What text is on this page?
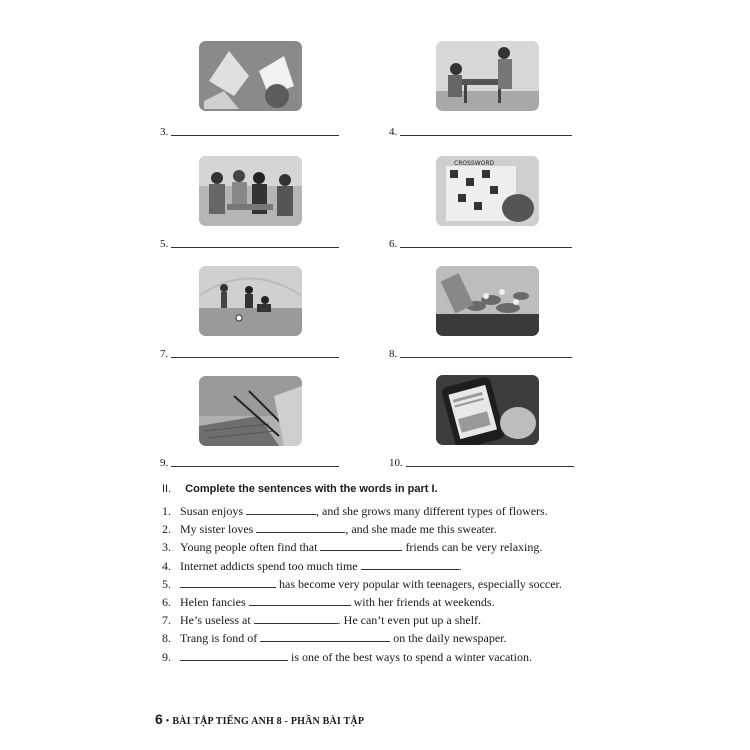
3.	4.
CROSSWORD
5.	6.
7.	8.
9.	10.
II. Complete the sentences with the words in part I.
1. Susan enjoys	, and she grows many different types of flowers.
2. My sister loves	, and she made me this sweater.
3. Young people often find that	friends can be very relaxing.
4. Internet addicts spend too much time	.
5.	has become very popular with teenagers, especially soccer.
6. Helen fancies	with her friends at weekends.
7. He’s useless at	. He can’t even put up a shelf.
8. Trang is fond of	on the daily newspaper.
9.	is one of the best ways to spend a winter vacation.
6 • BÀI TẬP TIẾNG ANH 8 - PHẦN BÀI TẬP
